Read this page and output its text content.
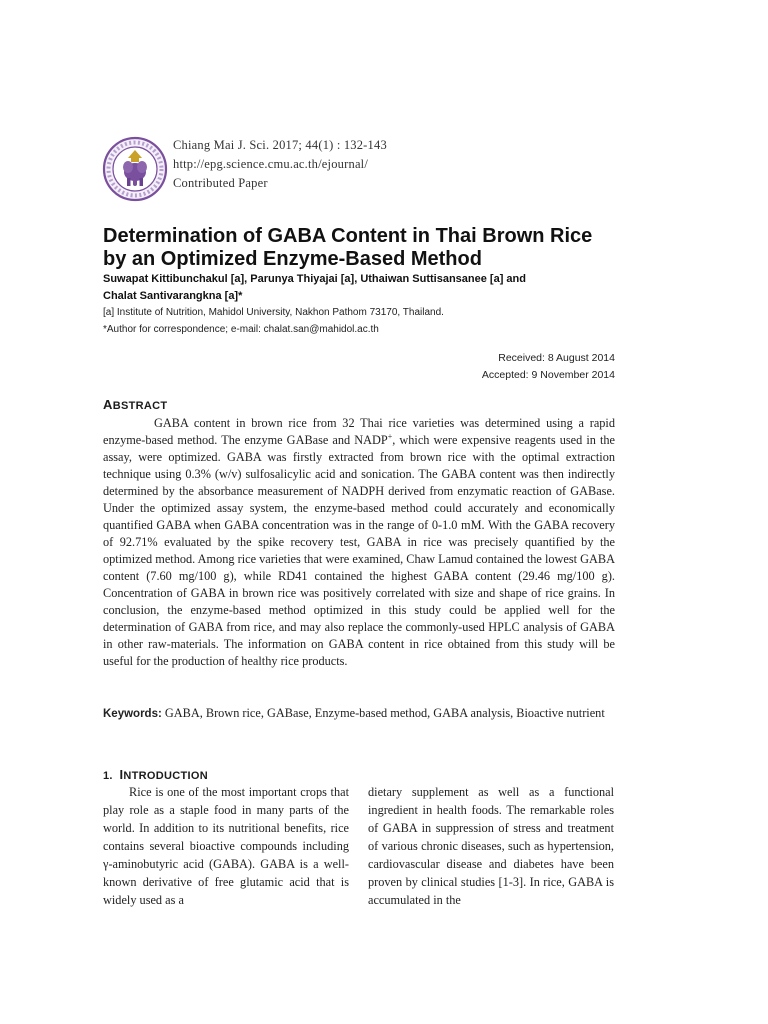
Chiang Mai J. Sci. 2017; 44(1) : 132-143
http://epg.science.cmu.ac.th/ejournal/
Contributed Paper
Determination of GABA Content in Thai Brown Rice
by an Optimized Enzyme-Based Method
Suwapat Kittibunchakul [a], Parunya Thiyajai [a], Uthaiwan Suttisansanee [a] and
Chalat Santivarangkna [a]*
[a] Institute of Nutrition, Mahidol University, Nakhon Pathom 73170, Thailand.
*Author for correspondence; e-mail: chalat.san@mahidol.ac.th
Received: 8 August 2014
Accepted: 9 November 2014
ABSTRACT

GABA content in brown rice from 32 Thai rice varieties was determined using a rapid enzyme-based method. The enzyme GABase and NADP+, which were expensive reagents used in the assay, were optimized. GABA was firstly extracted from brown rice with the optimal extraction technique using 0.3% (w/v) sulfosalicylic acid and sonication. The GABA content was then indirectly determined by the absorbance measurement of NADPH derived from enzymatic reaction of GABase. Under the optimized assay system, the enzyme-based method could accurately and economically quantified GABA when GABA concentration was in the range of 0-1.0 mM. With the GABA recovery of 92.71% evaluated by the spike recovery test, GABA in rice was precisely quantified by the optimized method. Among rice varieties that were examined, Chaw Lamud contained the lowest GABA content (7.60 mg/100 g), while RD41 contained the highest GABA content (29.46 mg/100 g). Concentration of GABA in brown rice was positively correlated with size and shape of rice grains. In conclusion, the enzyme-based method optimized in this study could be applied well for the determination of GABA from rice, and may also replace the commonly-used HPLC analysis of GABA in other raw-materials. The information on GABA content in rice obtained from this study will be useful for the production of healthy rice products.

Keywords: GABA, Brown rice, GABase, Enzyme-based method, GABA analysis, Bioactive nutrient

1. INTRODUCTION

Rice is one of the most important crops that play role as a staple food in many parts of the world. In addition to its nutritional benefits, rice contains several bioactive compounds including γ-aminobutyric acid (GABA). GABA is a well-known derivative of free glutamic acid that is widely used as a

dietary supplement as well as a functional ingredient in health foods. The remarkable roles of GABA in suppression of stress and treatment of various chronic diseases, such as hypertension, cardiovascular disease and diabetes have been proven by clinical studies [1-3]. In rice, GABA is accumulated in the
